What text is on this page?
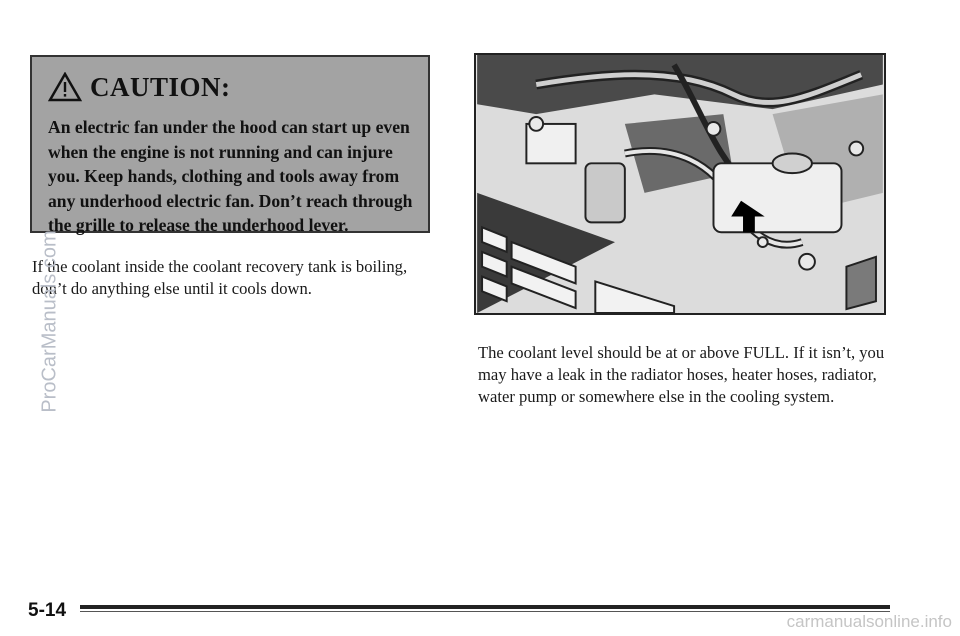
CAUTION:

An electric fan under the hood can start up even when the engine is not running and can injure you. Keep hands, clothing and tools away from any underhood electric fan. Don’t reach through the grille to release the underhood lever.

If the coolant inside the coolant recovery tank is boiling, don’t do anything else until it cools down.

The coolant level should be at or above FULL. If it isn’t, you may have a leak in the radiator hoses, heater hoses, radiator, water pump or somewhere else in the cooling system.

5-14
ProCarManuals.com
carmanualsonline.info
